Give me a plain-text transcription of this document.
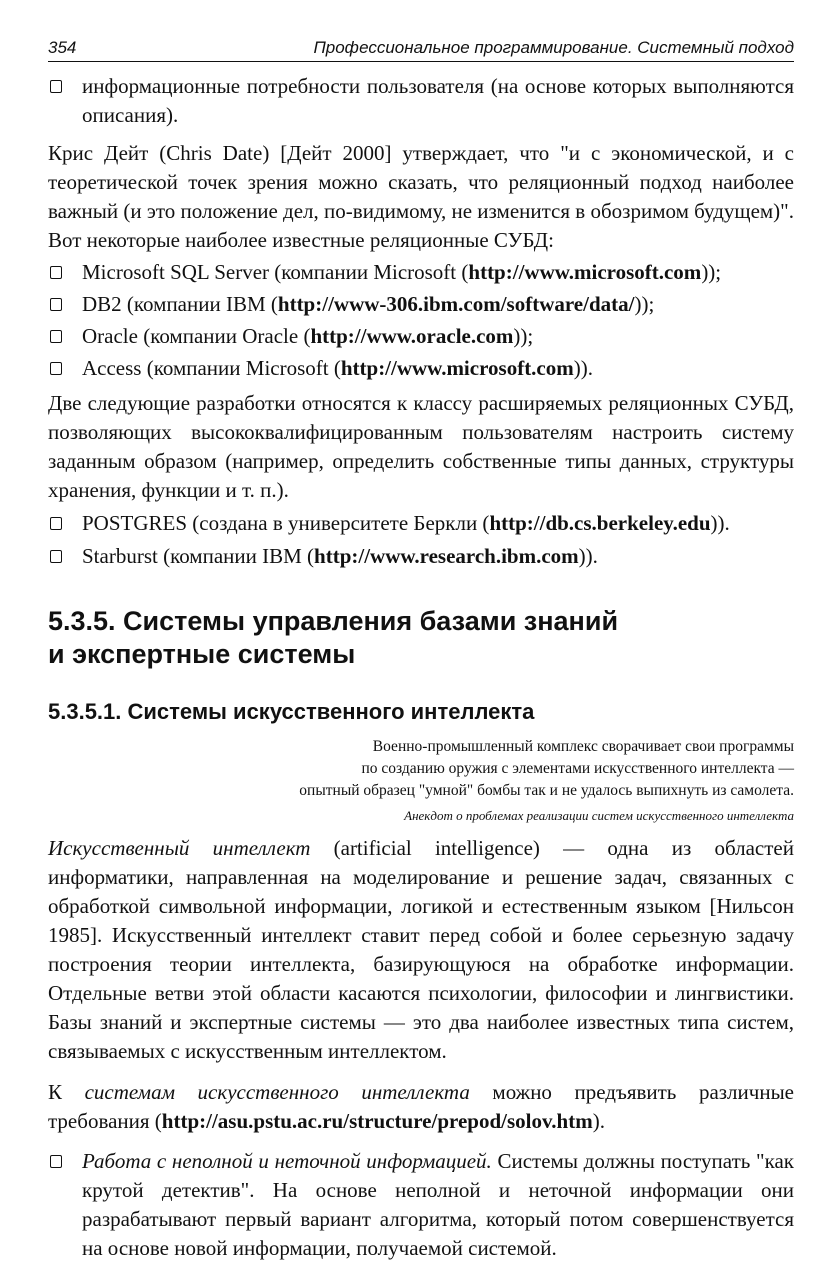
354	Профессиональное программирование. Системный подход
информационные потребности пользователя (на основе которых выполняются описания).

Крис Дейт (Chris Date) [Дейт 2000] утверждает, что "и с экономической, и с теоретической точек зрения можно сказать, что реляционный подход наиболее важный (и это положение дел, по-видимому, не изменится в обозримом будущем)". Вот некоторые наиболее известные реляционные СУБД:

Microsoft SQL Server (компании Microsoft (http://www.microsoft.com));
DB2 (компании IBM (http://www-306.ibm.com/software/data/));
Oracle (компании Oracle (http://www.oracle.com));
Access (компании Microsoft (http://www.microsoft.com)).

Две следующие разработки относятся к классу расширяемых реляционных СУБД, позволяющих высококвалифицированным пользователям настроить систему заданным образом (например, определить собственные типы данных, структуры хранения, функции и т. п.).

POSTGRES (создана в университете Беркли (http://db.cs.berkeley.edu)).
Starburst (компании IBM (http://www.research.ibm.com)).
5.3.5. Системы управления базами знаний
и экспертные системы
5.3.5.1. Системы искусственного интеллекта
Военно-промышленный комплекс сворачивает свои программы
по созданию оружия с элементами искусственного интеллекта —
опытный образец "умной" бомбы так и не удалось выпихнуть из самолета.
Анекдот о проблемах реализации систем искусственного интеллекта

Искусственный интеллект (artificial intelligence) — одна из областей информатики, направленная на моделирование и решение задач, связанных с обработкой символьной информации, логикой и естественным языком [Нильсон 1985]. Искусственный интеллект ставит перед собой и более серьезную задачу построения теории интеллекта, базирующуюся на обработке информации. Отдельные ветви этой области касаются психологии, философии и лингвистики. Базы знаний и экспертные системы — это два наиболее известных типа систем, связываемых с искусственным интеллектом.

К системам искусственного интеллекта можно предъявить различные требования (http://asu.pstu.ac.ru/structure/prepod/solov.htm).

Работа с неполной и неточной информацией. Системы должны поступать "как крутой детектив". На основе неполной и неточной информации они разрабатывают первый вариант алгоритма, который потом совершенствуется на основе новой информации, получаемой системой.
